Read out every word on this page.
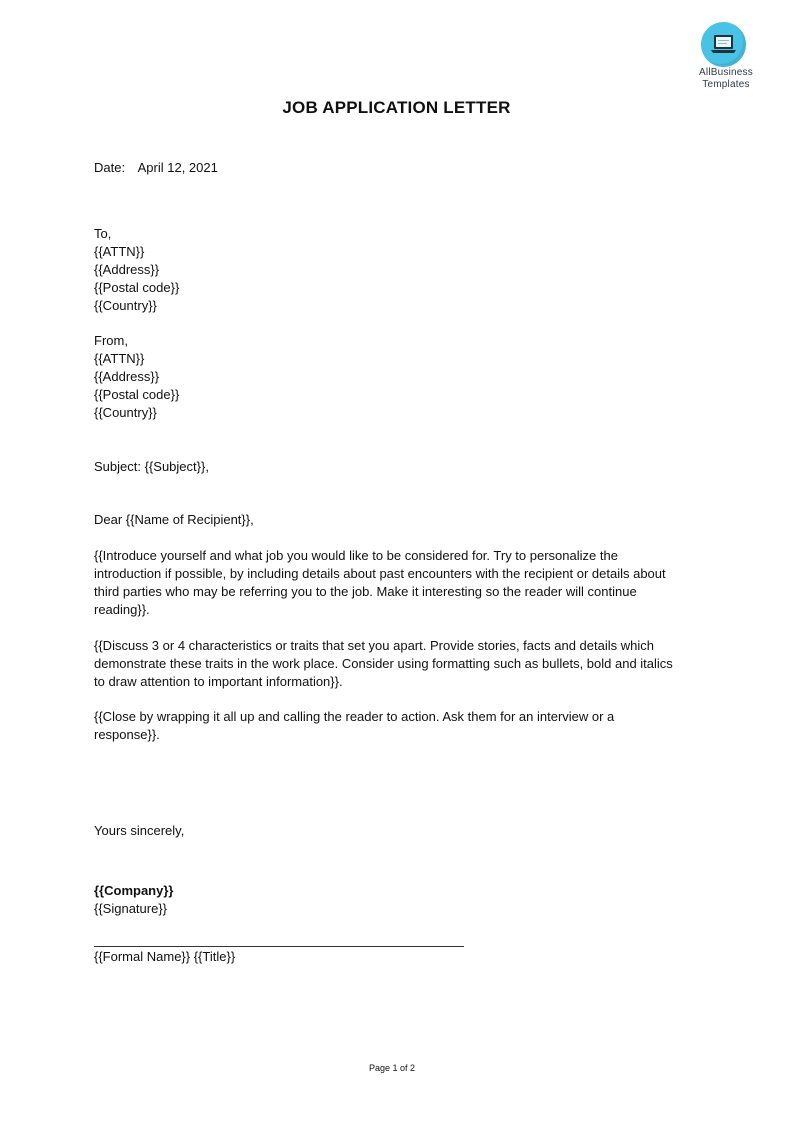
AllBusiness
Templates
JOB APPLICATION LETTER
Date: April 12, 2021
To,
{{ATTN}}
{{Address}}
{{Postal code}}
{{Country}}
From,
{{ATTN}}
{{Address}}
{{Postal code}}
{{Country}}
Subject: {{Subject}},
Dear {{Name of Recipient}},
{{Introduce yourself and what job you would like to be considered for. Try to personalize the
introduction if possible, by including details about past encounters with the recipient or details about
third parties who may be referring you to the job. Make it interesting so the reader will continue
reading}}.
{{Discuss 3 or 4 characteristics or traits that set you apart. Provide stories, facts and details which
demonstrate these traits in the work place. Consider using formatting such as bullets, bold and italics
to draw attention to important information}}.
{{Close by wrapping it all up and calling the reader to action. Ask them for an interview or a
response}}.
Yours sincerely,
{{Company}}
{{Signature}}
{{Formal Name}} {{Title}}
Page 1 of 2
